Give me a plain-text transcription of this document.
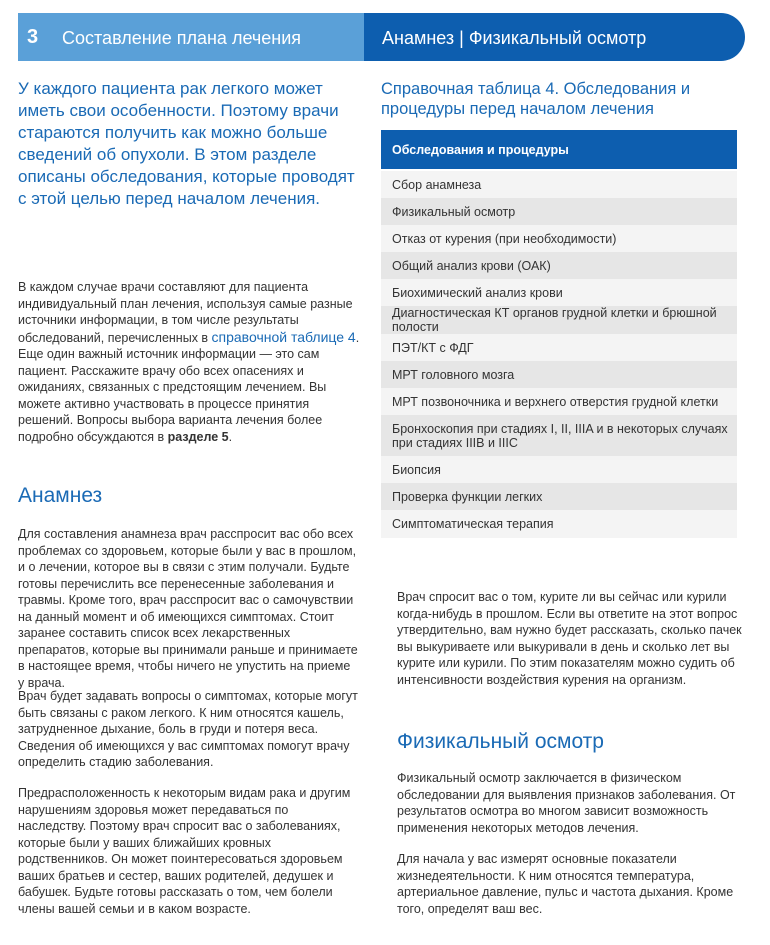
3 Составление плана лечения	Анамнез | Физикальный осмотр

У каждого пациента рак легкого может иметь свои особенности. Поэтому врачи стараются получить как можно больше сведений об опухоли. В этом разделе описаны обследования, которые проводят с этой целью перед началом лечения.

В каждом случае врачи составляют для пациента индивидуальный план лечения, используя самые разные источники информации, в том числе результаты обследований, перечисленных в справочной таблице 4. Еще один важный источник информации — это сам пациент. Расскажите врачу обо всех опасениях и ожиданиях, связанных с предстоящим лечением. Вы можете активно участвовать в процессе принятия решений. Вопросы выбора варианта лечения более подробно обсуждаются в разделе 5.

Анамнез

Для составления анамнеза врач расспросит вас обо всех проблемах со здоровьем, которые были у вас в прошлом, и о лечении, которое вы в связи с этим получали. Будьте готовы перечислить все перенесенные заболевания и травмы. Кроме того, врач расспросит вас о самочувствии на данный момент и об имеющихся симптомах. Стоит заранее составить список всех лекарственных препаратов, которые вы принимали раньше и принимаете в настоящее время, чтобы ничего не упустить на приеме у врача.

Врач будет задавать вопросы о симптомах, которые могут быть связаны с раком легкого. К ним относятся кашель, затрудненное дыхание, боль в груди и потеря веса. Сведения об имеющихся у вас симптомах помогут врачу определить стадию заболевания.

Предрасположенность к некоторым видам рака и другим нарушениям здоровья может передаваться по наследству. Поэтому врач спросит вас о заболеваниях, которые были у ваших ближайших кровных родственников. Он может поинтересоваться здоровьем ваших братьев и сестер, ваших родителей, дедушек и бабушек. Будьте готовы рассказать о том, чем болели члены вашей семьи и в каком возрасте.

Справочная таблица 4. Обследования и процедуры перед началом лечения

Обследования и процедуры
Сбор анамнеза
Физикальный осмотр
Отказ от курения (при необходимости)
Общий анализ крови (ОАК)
Биохимический анализ крови
Диагностическая КТ органов грудной клетки и брюшной полости
ПЭТ/КТ с ФДГ
МРТ головного мозга
МРТ позвоночника и верхнего отверстия грудной клетки
Бронхоскопия при стадиях I, II, IIIA и в некоторых случаях при стадиях IIIB и IIIC
Биопсия
Проверка функции легких
Симптоматическая терапия

Врач спросит вас о том, курите ли вы сейчас или курили когда-нибудь в прошлом. Если вы ответите на этот вопрос утвердительно, вам нужно будет рассказать, сколько пачек вы выкуриваете или выкуривали в день и сколько лет вы курите или курили. По этим показателям можно судить об интенсивности воздействия курения на организм.

Физикальный осмотр

Физикальный осмотр заключается в физическом обследовании для выявления признаков заболевания. От результатов осмотра во многом зависит возможность применения некоторых методов лечения.

Для начала у вас измерят основные показатели жизнедеятельности. К ним относятся температура, артериальное давление, пульс и частота дыхания. Кроме того, определят ваш вес.
